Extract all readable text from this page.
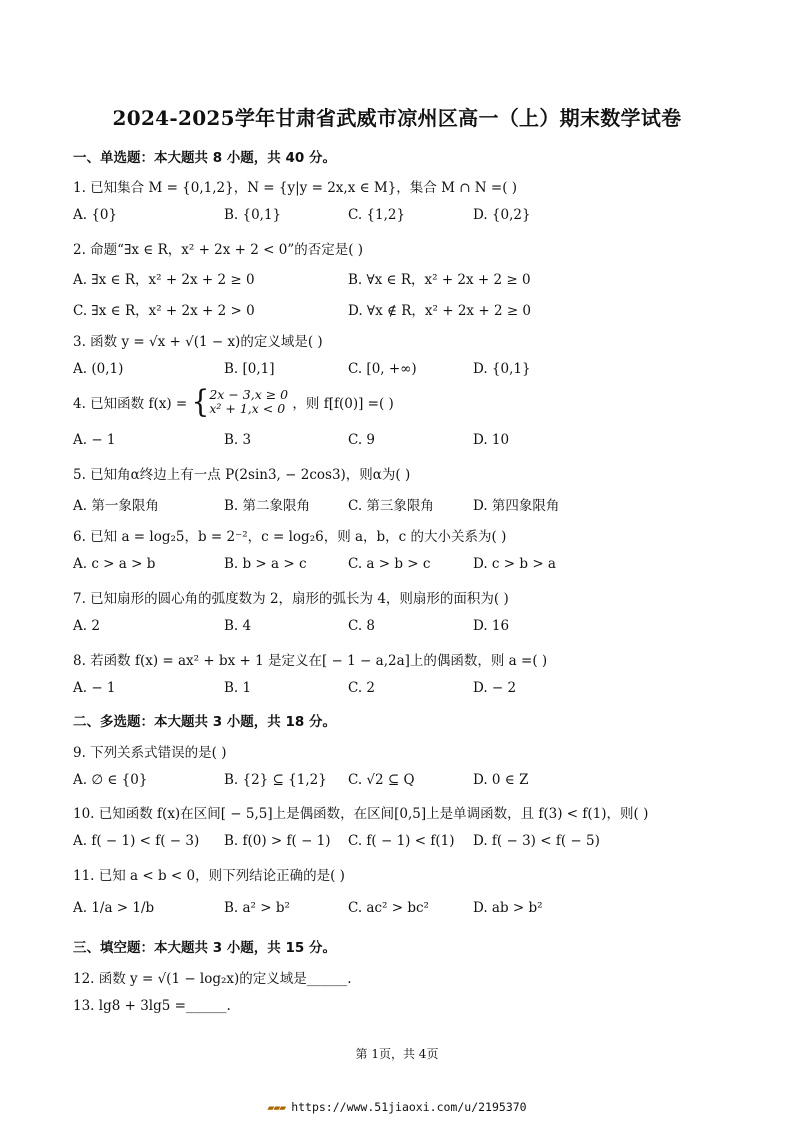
2024-2025学年甘肃省武威市凉州区高一（上）期末数学试卷
一、单选题：本大题共 8 小题，共 40 分。
1. 已知集合 M = {0,1,2}，N = {y|y = 2x,x ∈ M}，集合 M ∩ N =( )
A. {0}	B. {0,1}	C. {1,2}	D. {0,2}
2. 命题“∃x ∈ R，x² + 2x + 2 < 0”的否定是( )
A. ∃x ∈ R，x² + 2x + 2 ≥ 0	B. ∀x ∈ R，x² + 2x + 2 ≥ 0
C. ∃x ∈ R，x² + 2x + 2 > 0	D. ∀x ∉ R，x² + 2x + 2 ≥ 0
3. 函数 y = √x + √(1 − x)的定义域是( )
A. (0,1)	B. [0,1]	C. [0, +∞)	D. {0,1}
4. 已知函数 f(x) = {2x − 3,x ≥ 0
x² + 1,x < 0 ，则 f[f(0)] =( )
A. − 1	B. 3	C. 9	D. 10
5. 已知角α终边上有一点 P(2sin3, − 2cos3)，则α为( )
A. 第一象限角	B. 第二象限角	C. 第三象限角	D. 第四象限角
6. 已知 a = log₂5，b = 2⁻²，c = log₂6，则 a，b，c 的大小关系为( )
A. c > a > b	B. b > a > c	C. a > b > c	D. c > b > a
7. 已知扇形的圆心角的弧度数为 2，扇形的弧长为 4，则扇形的面积为( )
A. 2	B. 4	C. 8	D. 16
8. 若函数 f(x) = ax² + bx + 1 是定义在[ − 1 − a,2a]上的偶函数，则 a =( )
A. − 1	B. 1	C. 2	D. − 2
二、多选题：本大题共 3 小题，共 18 分。
9. 下列关系式错误的是( )
A. ∅ ∈ {0}	B. {2} ⊆ {1,2} C. √2 ⊆ Q	D. 0 ∈ Z
10. 已知函数 f(x)在区间[ − 5,5]上是偶函数，在区间[0,5]上是单调函数，且 f(3) < f(1)，则( )
A. f( − 1) < f( − 3) B. f(0) > f( − 1) C. f( − 1) < f(1) D. f( − 3) < f( − 5)
11. 已知 a < b < 0，则下列结论正确的是( )
A. 1/a > 1/b	B. a² > b²	C. ac² > bc²	D. ab > b²
三、填空题：本大题共 3 小题，共 15 分。
12. 函数 y = √(1 − log₂x)的定义域是______.
13. lg8 + 3lg5 =______.
第 1页，共 4页
▰▰▰ https://www.51jiaoxi.com/u/2195370
